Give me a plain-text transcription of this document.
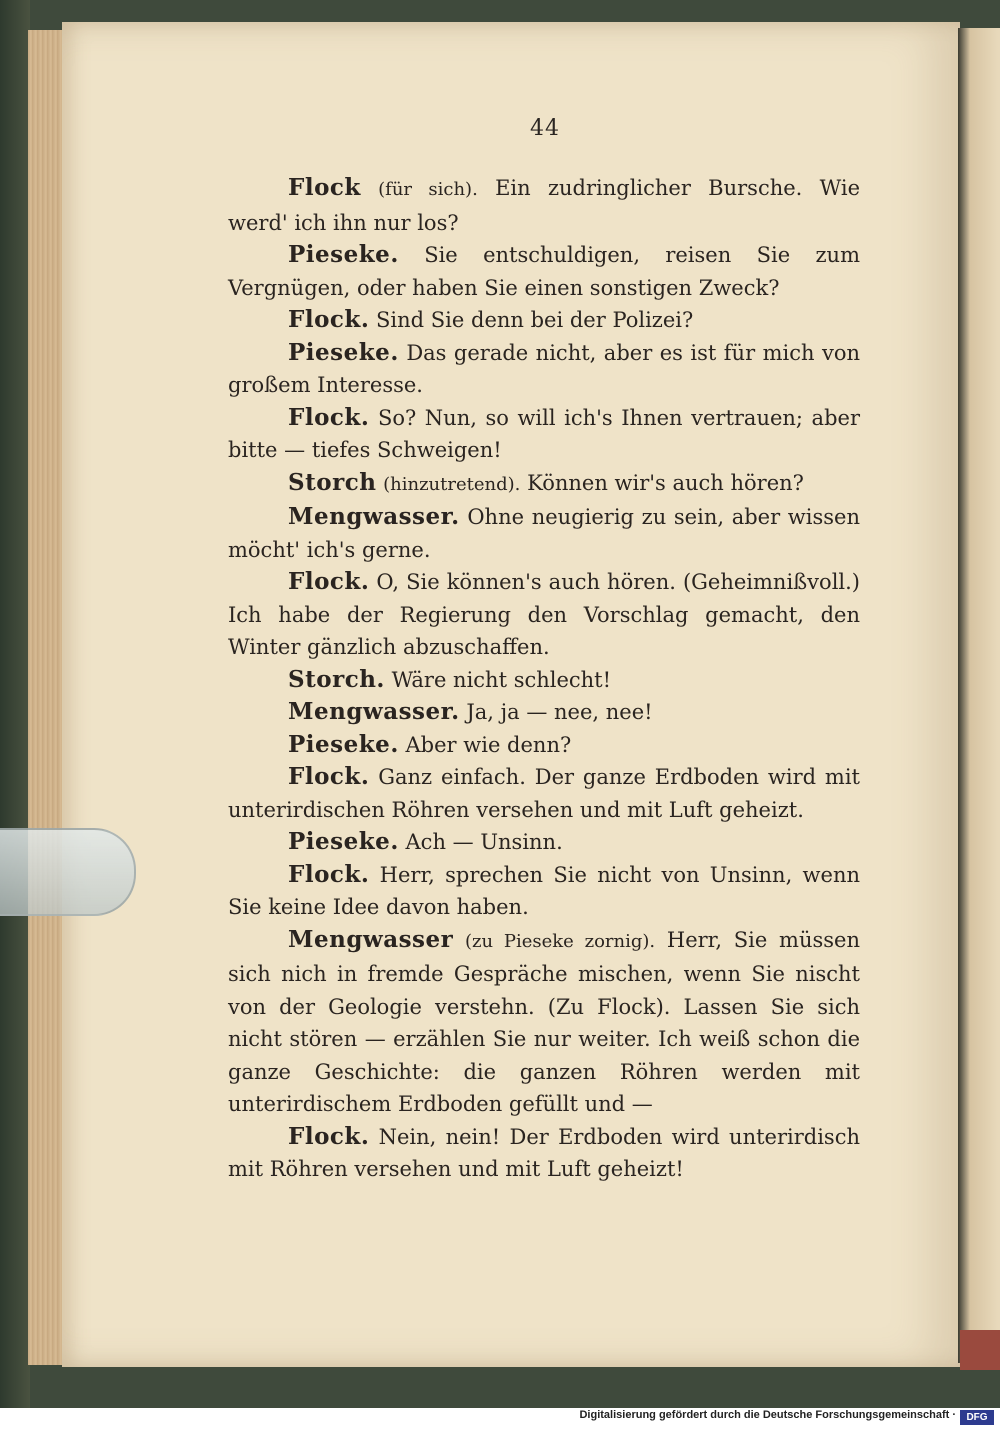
44

Flock (für sich). Ein zudringlicher Bursche. Wie werd' ich ihn nur los?

Pieseke. Sie entschuldigen, reisen Sie zum Vergnügen, oder haben Sie einen sonstigen Zweck?

Flock. Sind Sie denn bei der Polizei?

Pieseke. Das gerade nicht, aber es ist für mich von großem Interesse.

Flock. So? Nun, so will ich's Ihnen vertrauen; aber bitte — tiefes Schweigen!

Storch (hinzutretend). Können wir's auch hören?

Mengwasser. Ohne neugierig zu sein, aber wissen möcht' ich's gerne.

Flock. O, Sie können's auch hören. (Geheimnißvoll.) Ich habe der Regierung den Vorschlag gemacht, den Winter gänzlich abzuschaffen.

Storch. Wäre nicht schlecht!

Mengwasser. Ja, ja — nee, nee!

Pieseke. Aber wie denn?

Flock. Ganz einfach. Der ganze Erdboden wird mit unterirdischen Röhren versehen und mit Luft geheizt.

Pieseke. Ach — Unsinn.

Flock. Herr, sprechen Sie nicht von Unsinn, wenn Sie keine Idee davon haben.

Mengwasser (zu Pieseke zornig). Herr, Sie müssen sich nich in fremde Gespräche mischen, wenn Sie nischt von der Geologie verstehn. (Zu Flock). Lassen Sie sich nicht stören — erzählen Sie nur weiter. Ich weiß schon die ganze Geschichte: die ganzen Röhren werden mit unterirdischem Erdboden gefüllt und —

Flock. Nein, nein! Der Erdboden wird unterirdisch mit Röhren versehen und mit Luft geheizt!

Digitalisierung gefördert durch die Deutsche Forschungsgemeinschaft ·	DFG
